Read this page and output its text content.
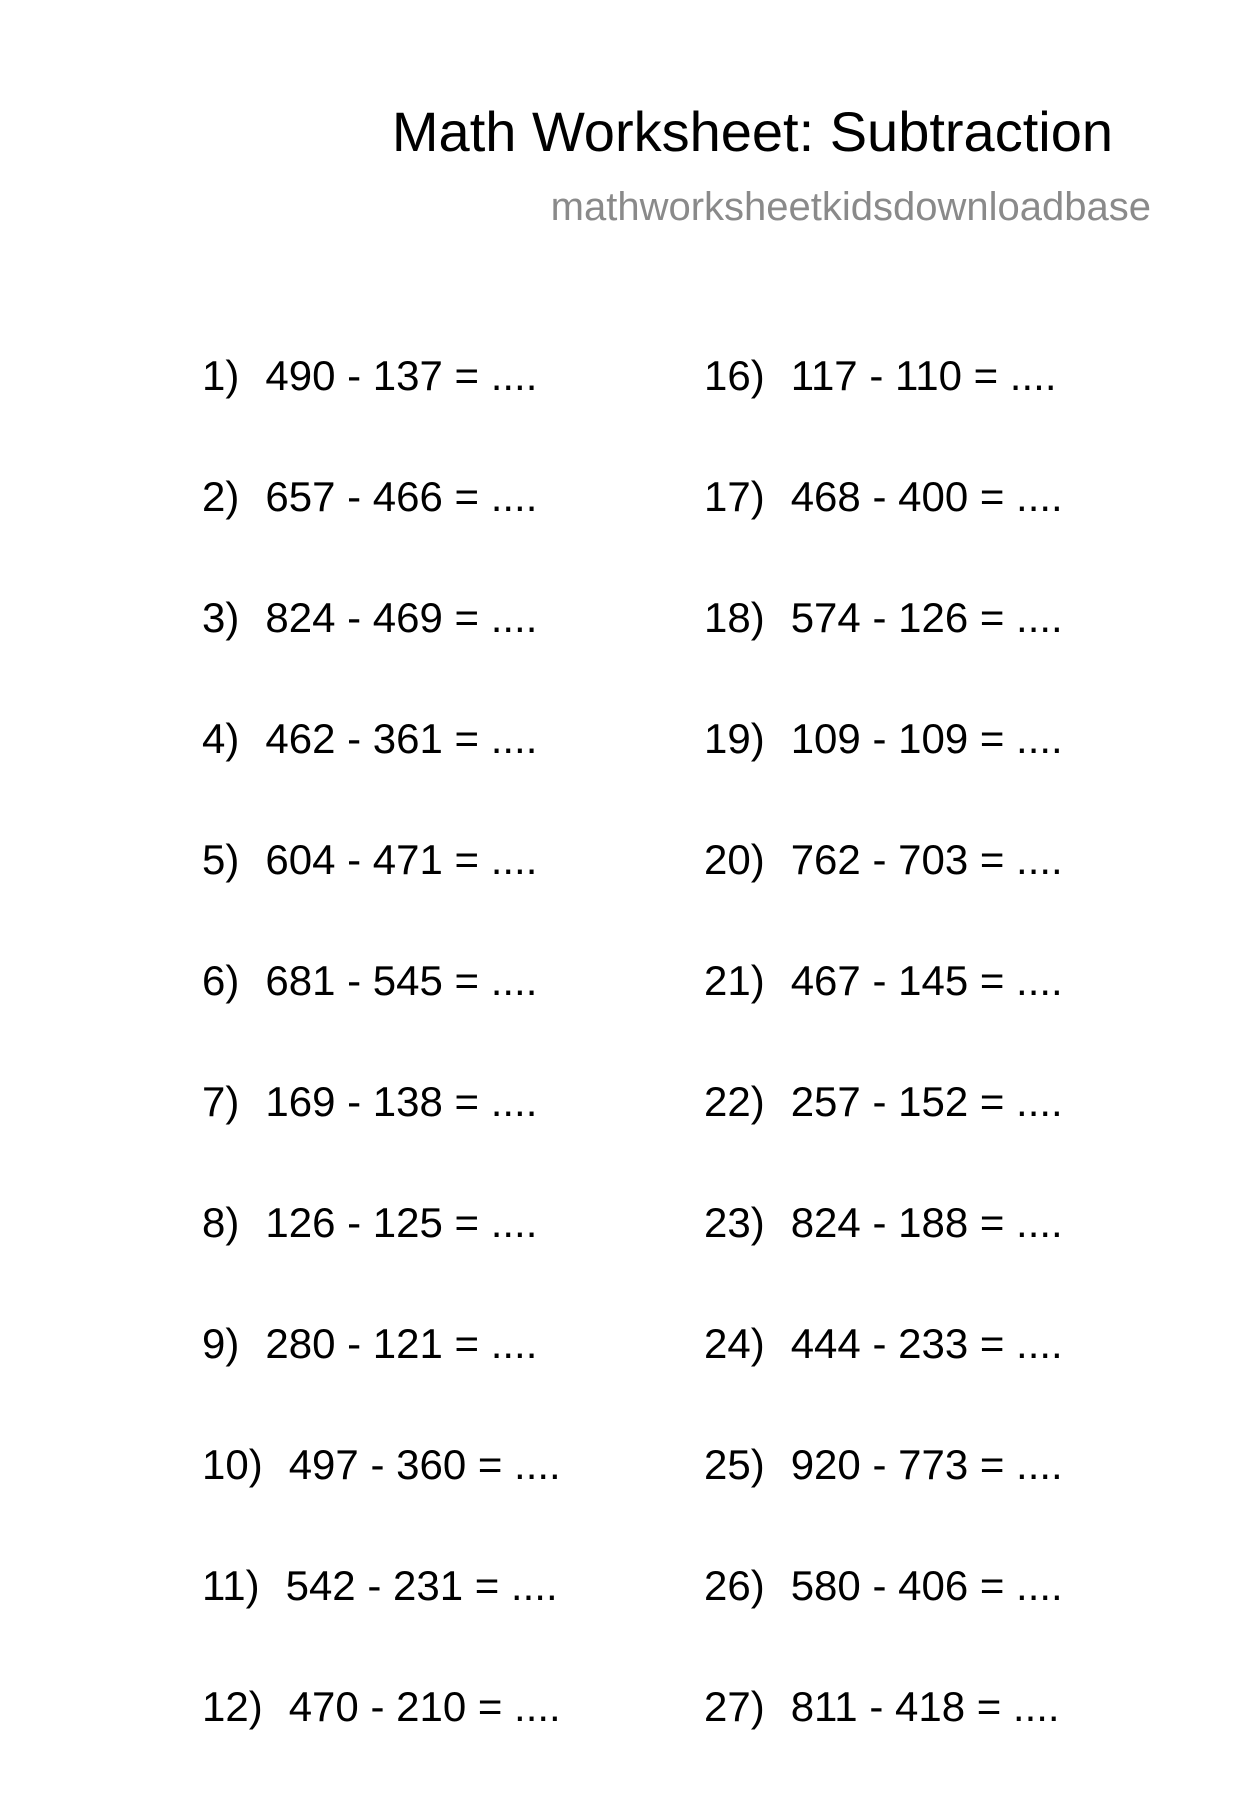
Math Worksheet: Subtraction
mathworksheetkidsdownloadbase
1) 490 - 137 = ....
2) 657 - 466 = ....
3) 824 - 469 = ....
4) 462 - 361 = ....
5) 604 - 471 = ....
6) 681 - 545 = ....
7) 169 - 138 = ....
8) 126 - 125 = ....
9) 280 - 121 = ....
10) 497 - 360 = ....
11) 542 - 231 = ....
12) 470 - 210 = ....
16) 117 - 110 = ....
17) 468 - 400 = ....
18) 574 - 126 = ....
19) 109 - 109 = ....
20) 762 - 703 = ....
21) 467 - 145 = ....
22) 257 - 152 = ....
23) 824 - 188 = ....
24) 444 - 233 = ....
25) 920 - 773 = ....
26) 580 - 406 = ....
27) 811 - 418 = ....
